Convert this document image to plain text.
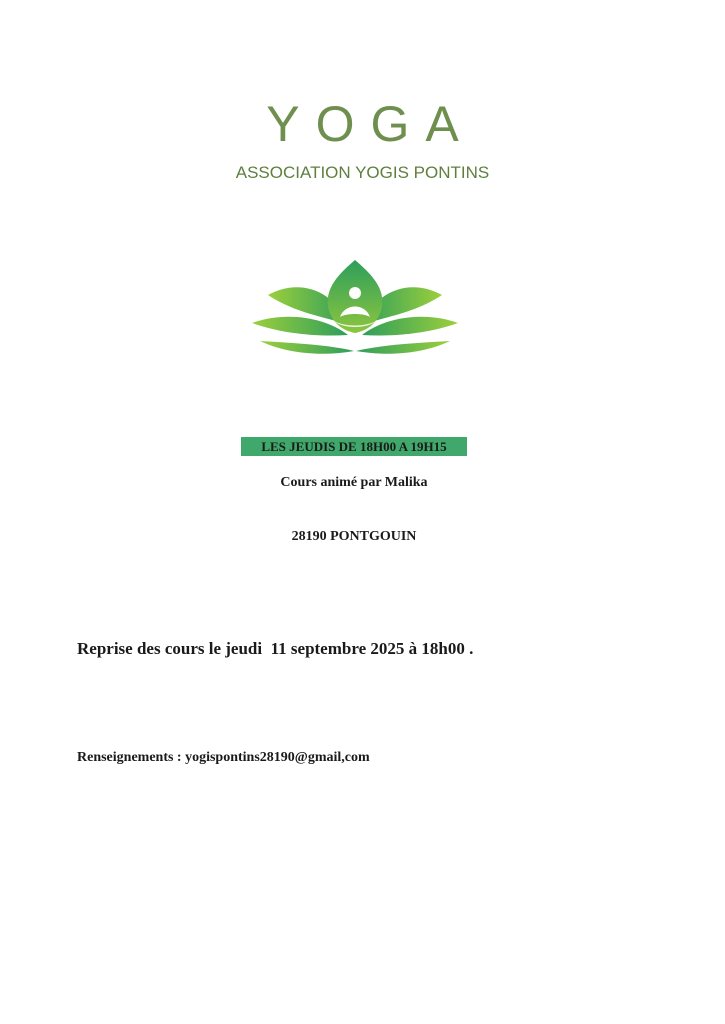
YOGA
ASSOCIATION YOGIS PONTINS
LES JEUDIS DE 18H00 A 19H15
Cours animé par Malika
28190 PONTGOUIN
Reprise des cours le jeudi  11 septembre 2025 à 18h00 .
Renseignements : yogispontins28190@gmail,com
